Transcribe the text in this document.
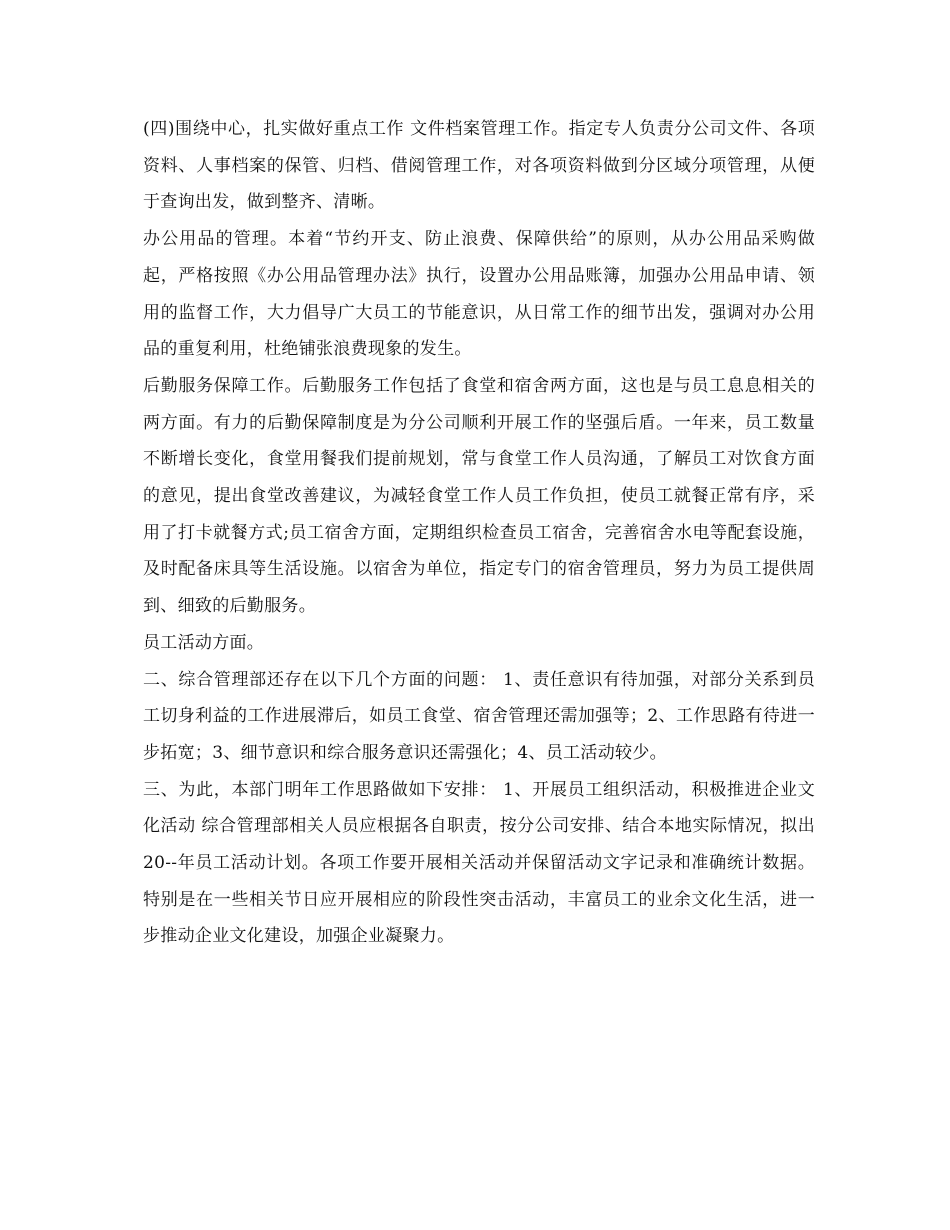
(四)围绕中心，扎实做好重点工作 文件档案管理工作。指定专人负责分公司文件、各项资料、人事档案的保管、归档、借阅管理工作，对各项资料做到分区域分项管理，从便于查询出发，做到整齐、清晰。

办公用品的管理。本着“节约开支、防止浪费、保障供给”的原则，从办公用品采购做起，严格按照《办公用品管理办法》执行，设置办公用品账簿，加强办公用品申请、领用的监督工作，大力倡导广大员工的节能意识，从日常工作的细节出发，强调对办公用品的重复利用，杜绝铺张浪费现象的发生。

后勤服务保障工作。后勤服务工作包括了食堂和宿舍两方面，这也是与员工息息相关的两方面。有力的后勤保障制度是为分公司顺利开展工作的坚强后盾。一年来，员工数量不断增长变化，食堂用餐我们提前规划，常与食堂工作人员沟通，了解员工对饮食方面的意见，提出食堂改善建议，为减轻食堂工作人员工作负担，使员工就餐正常有序，采用了打卡就餐方式;员工宿舍方面，定期组织检查员工宿舍，完善宿舍水电等配套设施，及时配备床具等生活设施。以宿舍为单位，指定专门的宿舍管理员，努力为员工提供周到、细致的后勤服务。

员工活动方面。

二、综合管理部还存在以下几个方面的问题： 1、责任意识有待加强，对部分关系到员工切身利益的工作进展滞后，如员工食堂、宿舍管理还需加强等；2、工作思路有待进一步拓宽；3、细节意识和综合服务意识还需强化；4、员工活动较少。

三、为此，本部门明年工作思路做如下安排： 1、开展员工组织活动，积极推进企业文化活动 综合管理部相关人员应根据各自职责，按分公司安排、结合本地实际情况，拟出20--年员工活动计划。各项工作要开展相关活动并保留活动文字记录和准确统计数据。特别是在一些相关节日应开展相应的阶段性突击活动，丰富员工的业余文化生活，进一步推动企业文化建设，加强企业凝聚力。
